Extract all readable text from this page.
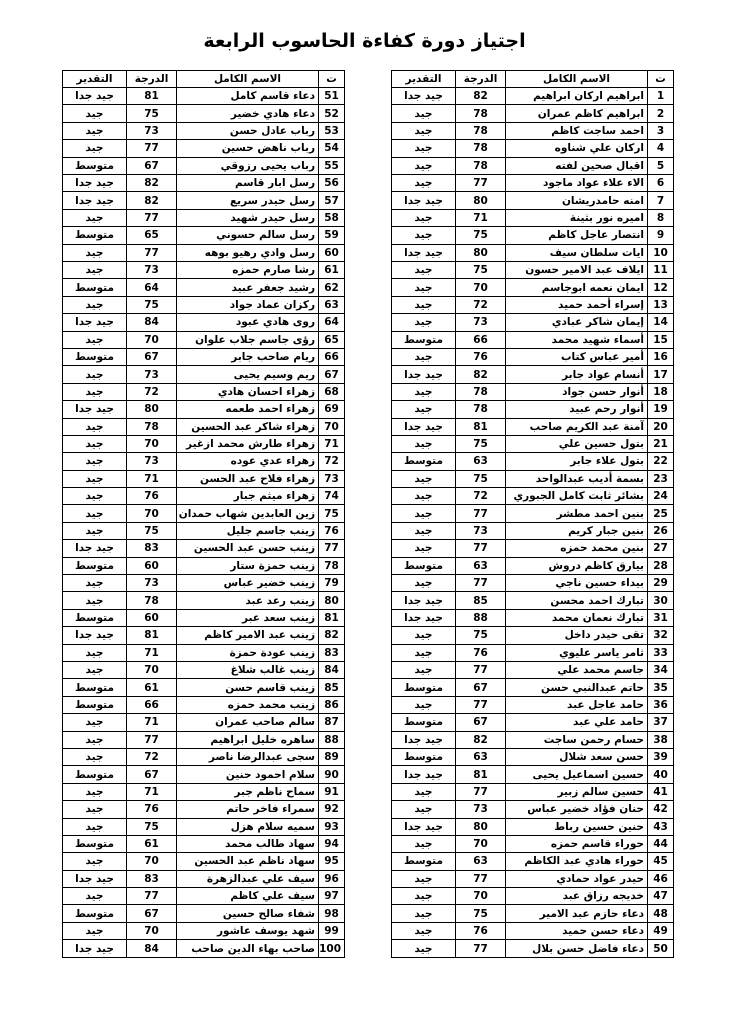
اجتياز دورة كفاءة الحاسوب الرابعة
ت	الاسم الكامل	الدرجة	التقدير
1	ابراهيم اركان ابراهيم	82	جيد جدا
2	ابراهيم كاظم عمران	78	جيد
3	احمد ساجت كاظم	78	جيد
4	اركان علي شناوه	78	جيد
5	اقبال صحين لفته	78	جيد
6	الاء علاء عواد ماجود	77	جيد
7	امنه حامدريشان	80	جيد جدا
8	اميره نور بثينة	71	جيد
9	انتصار عاجل كاظم	75	جيد
10	ايات سلطان سيف	80	جيد جدا
11	ايلاف عبد الامير حسون	75	جيد
12	ايمان نعمه ابوجاسم	70	جيد
13	إسراء أحمد حميد	72	جيد
14	إيمان شاكر عبادي	73	جيد
15	أسماء شهيد محمد	66	متوسط
16	أمير عباس كتاب	76	جيد
17	أنسام عواد جابر	82	جيد جدا
18	أنوار حسن جواد	78	جيد
19	أنوار رحم عبيد	78	جيد
20	آمنة عبد الكريم صاحب	81	جيد جدا
21	بتول حسين علي	75	جيد
22	بتول علاء جابر	63	متوسط
23	بسمة أديب عبدالواحد	75	جيد
24	بشائر ثابت كامل الجبوري	72	جيد
25	بنين احمد مطشر	77	جيد
26	بنين جبار كريم	73	جيد
27	بنين محمد حمزه	77	جيد
28	بيارق كاظم دروش	63	متوسط
29	بيداء حسين ناجي	77	جيد
30	تبارك احمد محسن	85	جيد جدا
31	تبارك نعمان محمد	88	جيد جدا
32	تقى حيدر داخل	75	جيد
33	ثامر ياسر عليوي	76	جيد
34	جاسم محمد علي	77	جيد
35	حاتم عبدالنبي حسن	67	متوسط
36	حامد عاجل عبد	77	جيد
37	حامد علي عبد	67	متوسط
38	حسام رحمن ساجت	82	جيد جدا
39	حسن سعد شلال	63	متوسط
40	حسين اسماعيل يحيى	81	جيد جدا
41	حسين سالم زبير	77	جيد
42	حنان فؤاد خضير عباس	73	جيد
43	حنين حسين رباط	80	جيد جدا
44	حوراء قاسم حمزه	70	جيد
45	حوراء هادي عبد الكاظم	63	متوسط
46	حيدر عواد حمادي	77	جيد
47	خديجه رزاق عبد	70	جيد
48	دعاء حازم عبد الامير	75	جيد
49	دعاء حسن حميد	76	جيد
50	دعاء فاضل حسن بلال	77	جيد
ت	الاسم الكامل	الدرجة	التقدير
51	دعاء قاسم كامل	81	جيد جدا
52	دعاء هادي خضير	75	جيد
53	رباب عادل حسن	73	جيد
54	رباب ناهض حسين	77	جيد
55	رباب يحيى رزوقي	67	متوسط
56	رسل ابار قاسم	82	جيد جدا
57	رسل حيدر سريع	82	جيد جدا
58	رسل حيدر شهيد	77	جيد
59	رسل سالم حسوني	65	متوسط
60	رسل وادي رهيو بوهه	77	جيد
61	رشا صارم حمزه	73	جيد
62	رشيد جعفر عبيد	64	متوسط
63	ركزان عماد جواد	75	جيد
64	روى هادي عبود	84	جيد جدا
65	رؤى جاسم جلاب علوان	70	جيد
66	ريام صاحب جابر	67	متوسط
67	ريم وسيم يحيى	73	جيد
68	زهراء احسان هادي	72	جيد
69	زهراء احمد طعمه	80	جيد جدا
70	زهراء شاكر عبد الحسين	78	جيد
71	زهراء طارش محمد ازغير	70	جيد
72	زهراء عدي عوده	73	جيد
73	زهراء فلاح عبد الحسن	71	جيد
74	زهراء ميثم جبار	76	جيد
75	زين العابدين شهاب حمدان	70	جيد
76	زينب جاسم جليل	75	جيد
77	زينب حسن عبد الحسين	83	جيد جدا
78	زينب حمزة ستار	60	متوسط
79	زينب خضير عباس	73	جيد
80	زينب رعد عبد	78	جيد
81	زينب سعد عبر	60	متوسط
82	زينب عبد الامير كاظم	81	جيد جدا
83	زينب عودة حمزة	71	جيد
84	زينب غالب شلاغ	70	جيد
85	زينب قاسم حسن	61	متوسط
86	زينب محمد حمزه	66	متوسط
87	سالم صاحب عمران	71	جيد
88	ساهره خليل ابراهيم	77	جيد
89	سجى عبدالرضا ناصر	72	جيد
90	سلام احمود حنين	67	متوسط
91	سماح ناظم جبر	71	جيد
92	سمراء فاخر حاتم	76	جيد
93	سميه سلام هزل	75	جيد
94	سهاد طالب محمد	61	متوسط
95	سهاد ناظم عبد الحسين	70	جيد
96	سيف علي عبدالزهرة	83	جيد جدا
97	سيف علي كاظم	77	جيد
98	شفاء صالح حسين	67	متوسط
99	شهد يوسف عاشور	70	جيد
100	صاحب بهاء الدين صاحب	84	جيد جدا
